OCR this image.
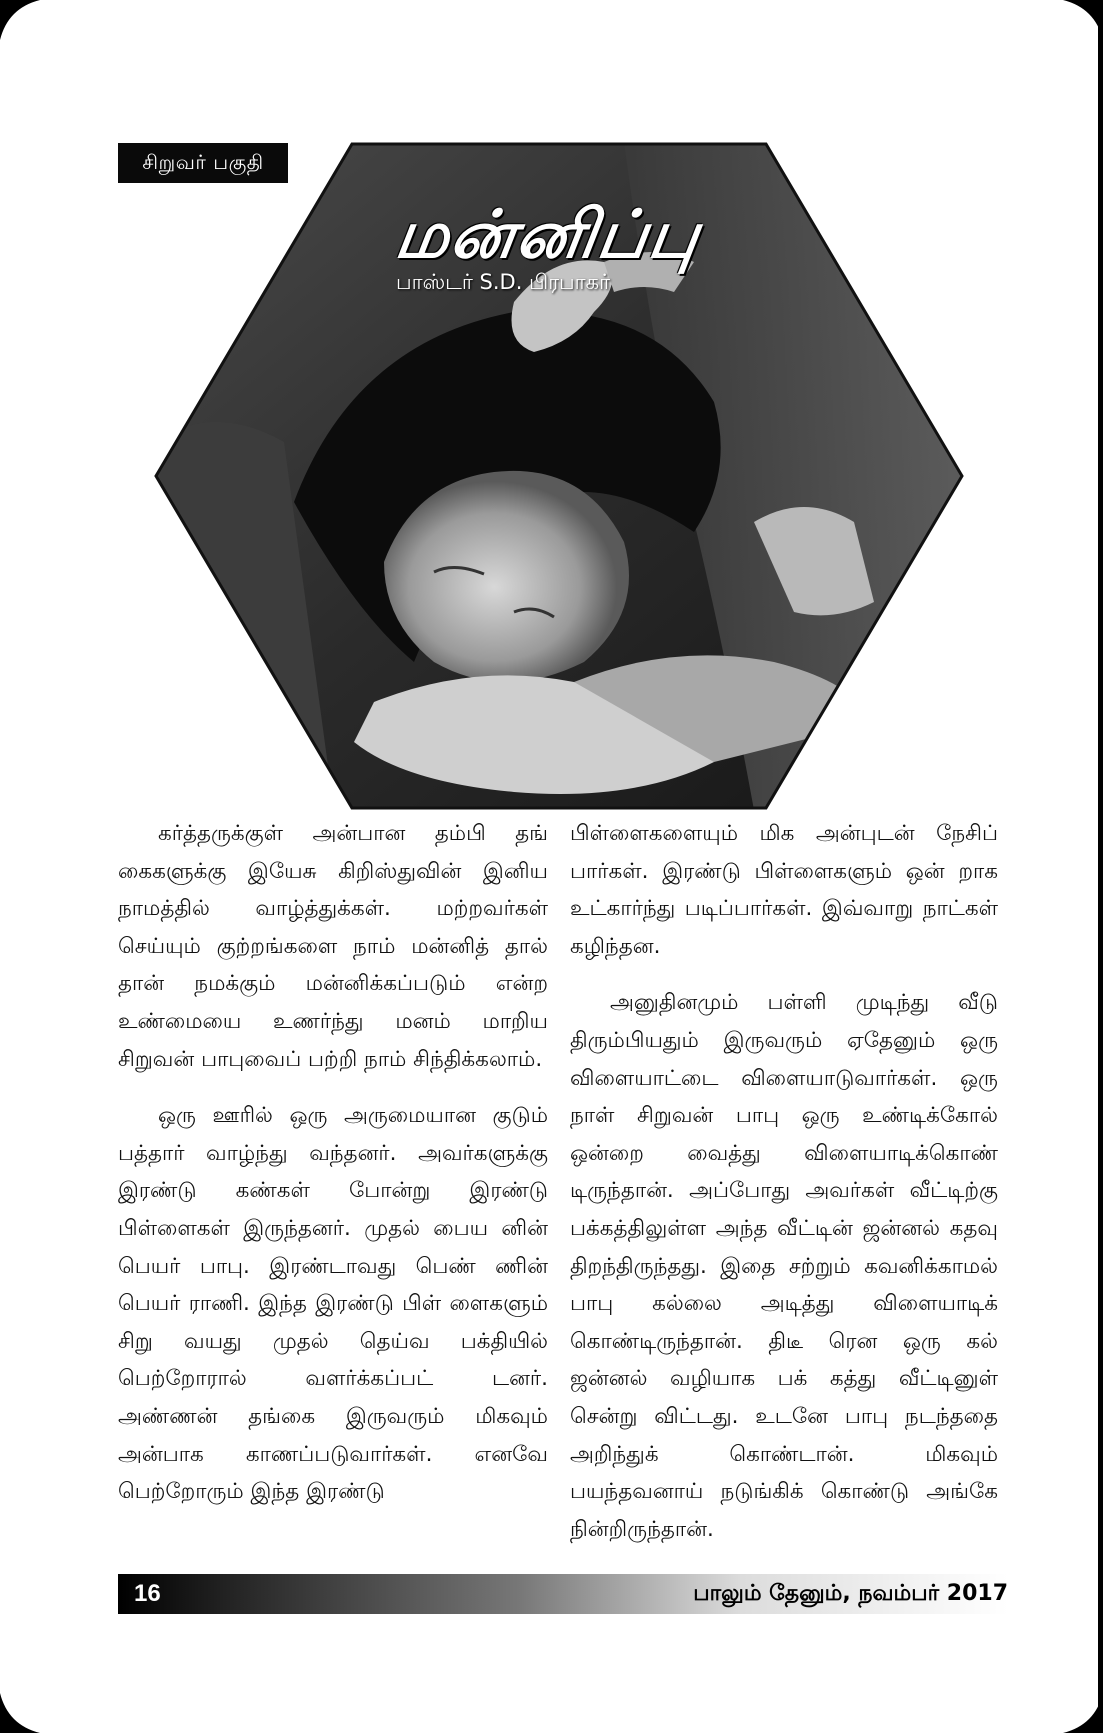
சிறுவர் பகுதி
மன்னிப்பு
பாஸ்டர் S.D. பிரபாகர்

கர்த்தருக்குள் அன்பான தம்பி தங் கைகளுக்கு இயேசு கிறிஸ்துவின் இனிய நாமத்தில் வாழ்த்துக்கள். மற்றவர்கள் செய்யும் குற்றங்களை நாம் மன்னித் தால் தான் நமக்கும் மன்னிக்கப்படும் என்ற உண்மையை உணர்ந்து மனம் மாறிய சிறுவன் பாபுவைப் பற்றி நாம் சிந்திக்கலாம்.

ஒரு ஊரில் ஒரு அருமையான குடும் பத்தார் வாழ்ந்து வந்தனர். அவர்களுக்கு இரண்டு கண்கள் போன்று இரண்டு பிள்ளைகள் இருந்தனர். முதல் பைய னின் பெயர் பாபு. இரண்டாவது பெண் ணின் பெயர் ராணி. இந்த இரண்டு பிள் ளைகளும் சிறு வயது முதல் தெய்வ பக்தியில் பெற்றோரால் வளர்க்கப்பட் டனர். அண்ணன் தங்கை இருவரும் மிகவும் அன்பாக காணப்படுவார்கள். எனவே பெற்றோரும் இந்த இரண்டு

பிள்ளைகளையும் மிக அன்புடன் நேசிப் பார்கள். இரண்டு பிள்ளைகளும் ஒன் றாக உட்கார்ந்து படிப்பார்கள். இவ்வாறு நாட்கள் கழிந்தன.

அனுதினமும் பள்ளி முடிந்து வீடு திரும்பியதும் இருவரும் ஏதேனும் ஒரு விளையாட்டை விளையாடுவார்கள். ஒரு நாள் சிறுவன் பாபு ஒரு உண்டிக்கோல் ஒன்றை வைத்து விளையாடிக்கொண் டிருந்தான். அப்போது அவர்கள் வீட்டிற்கு பக்கத்திலுள்ள அந்த வீட்டின் ஜன்னல் கதவு திறந்திருந்தது. இதை சற்றும் கவனிக்காமல் பாபு கல்லை அடித்து விளையாடிக் கொண்டிருந்தான். திடீ ரென ஒரு கல் ஜன்னல் வழியாக பக் கத்து வீட்டினுள் சென்று விட்டது. உடனே பாபு நடந்ததை அறிந்துக் கொண்டான். மிகவும் பயந்தவனாய் நடுங்கிக் கொண்டு அங்கே நின்றிருந்தான்.

16	பாலும் தேனும், நவம்பர் 2017
